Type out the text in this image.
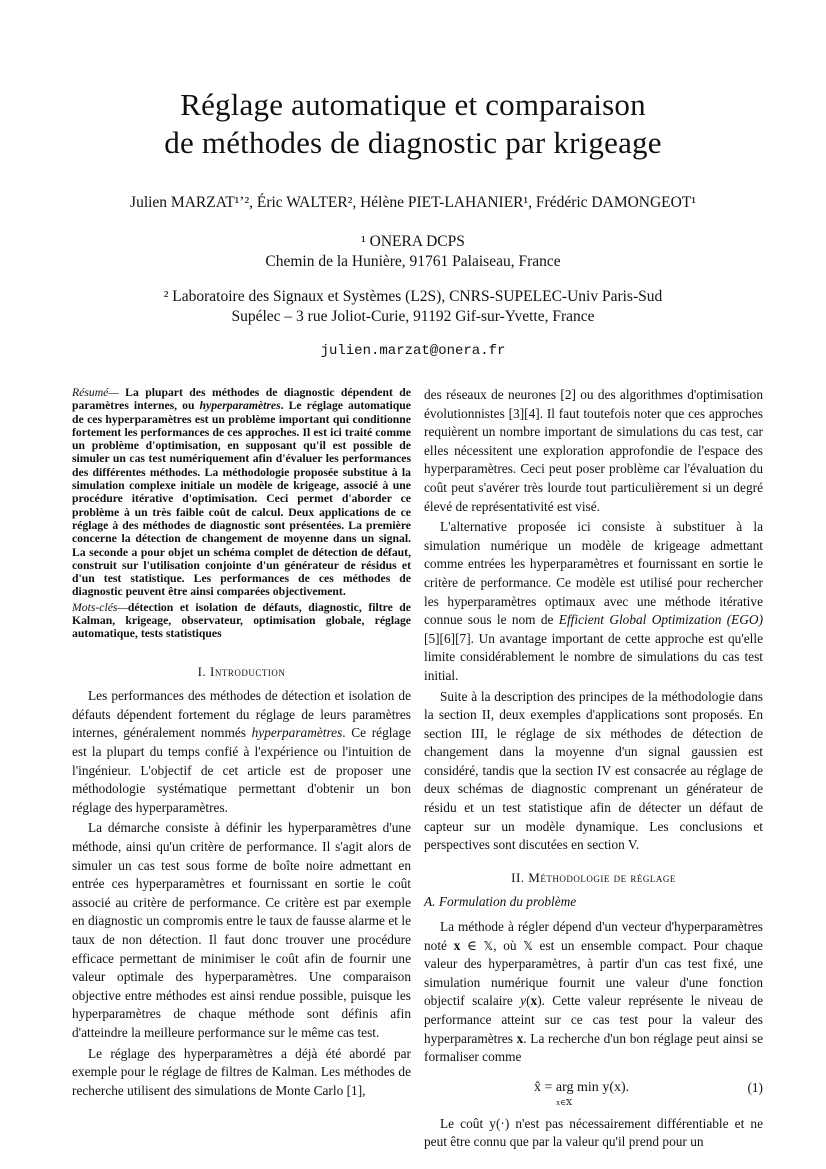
Réglage automatique et comparaison
de méthodes de diagnostic par krigeage
Julien MARZAT¹ʼ², Éric WALTER², Hélène PIET-LAHANIER¹, Frédéric DAMONGEOT¹
¹ ONERA DCPS
Chemin de la Hunière, 91761 Palaiseau, France
² Laboratoire des Signaux et Systèmes (L2S), CNRS-SUPELEC-Univ Paris-Sud
Supélec – 3 rue Joliot-Curie, 91192 Gif-sur-Yvette, France
julien.marzat@onera.fr

Résumé— La plupart des méthodes de diagnostic dépendent de paramètres internes, ou hyperparamètres. Le réglage automatique de ces hyperparamètres est un problème important qui conditionne fortement les performances de ces approches. Il est ici traité comme un problème d'optimisation, en supposant qu'il est possible de simuler un cas test numériquement afin d'évaluer les performances des différentes méthodes. La méthodologie proposée substitue à la simulation complexe initiale un modèle de krigeage, associé à une procédure itérative d'optimisation. Ceci permet d'aborder ce problème à un très faible coût de calcul. Deux applications de ce réglage à des méthodes de diagnostic sont présentées. La première concerne la détection de changement de moyenne dans un signal. La seconde a pour objet un schéma complet de détection de défaut, construit sur l'utilisation conjointe d'un générateur de résidus et d'un test statistique. Les performances de ces méthodes de diagnostic peuvent être ainsi comparées objectivement.

Mots-clés—détection et isolation de défauts, diagnostic, filtre de Kalman, krigeage, observateur, optimisation globale, réglage automatique, tests statistiques

I. Introduction

Les performances des méthodes de détection et isolation de défauts dépendent fortement du réglage de leurs paramètres internes, généralement nommés hyperparamètres. Ce réglage est la plupart du temps confié à l'expérience ou l'intuition de l'ingénieur. L'objectif de cet article est de proposer une méthodologie systématique permettant d'obtenir un bon réglage des hyperparamètres.

La démarche consiste à définir les hyperparamètres d'une méthode, ainsi qu'un critère de performance. Il s'agit alors de simuler un cas test sous forme de boîte noire admettant en entrée ces hyperparamètres et fournissant en sortie le coût associé au critère de performance. Ce critère est par exemple en diagnostic un compromis entre le taux de fausse alarme et le taux de non détection. Il faut donc trouver une procédure efficace permettant de minimiser le coût afin de fournir une valeur optimale des hyperparamètres. Une comparaison objective entre méthodes est ainsi rendue possible, puisque les hyperparamètres de chaque méthode sont définis afin d'atteindre la meilleure performance sur le même cas test.

Le réglage des hyperparamètres a déjà été abordé par exemple pour le réglage de filtres de Kalman. Les méthodes de recherche utilisent des simulations de Monte Carlo [1],

des réseaux de neurones [2] ou des algorithmes d'optimisation évolutionnistes [3][4]. Il faut toutefois noter que ces approches requièrent un nombre important de simulations du cas test, car elles nécessitent une exploration approfondie de l'espace des hyperparamètres. Ceci peut poser problème car l'évaluation du coût peut s'avérer très lourde tout particulièrement si un degré élevé de représentativité est visé.

L'alternative proposée ici consiste à substituer à la simulation numérique un modèle de krigeage admettant comme entrées les hyperparamètres et fournissant en sortie le critère de performance. Ce modèle est utilisé pour rechercher les hyperparamètres optimaux avec une méthode itérative connue sous le nom de Efficient Global Optimization (EGO) [5][6][7]. Un avantage important de cette approche est qu'elle limite considérablement le nombre de simulations du cas test initial.

Suite à la description des principes de la méthodologie dans la section II, deux exemples d'applications sont proposés. En section III, le réglage de six méthodes de détection de changement dans la moyenne d'un signal gaussien est considéré, tandis que la section IV est consacrée au réglage de deux schémas de diagnostic comprenant un générateur de résidu et un test statistique afin de détecter un défaut de capteur sur un modèle dynamique. Les conclusions et perspectives sont discutées en section V.

II. Méthodologie de réglage

A. Formulation du problème

La méthode à régler dépend d'un vecteur d'hyperparamètres noté x ∈ 𝕏, où 𝕏 est un ensemble compact. Pour chaque valeur des hyperparamètres, à partir d'un cas test fixé, une simulation numérique fournit une valeur d'une fonction objectif scalaire y(x). Cette valeur représente le niveau de performance atteint sur ce cas test pour la valeur des hyperparamètres x. La recherche d'un bon réglage peut ainsi se formaliser comme

x̂ = arg min
x∈𝕏
y(x).	(1)

Le coût y(·) n'est pas nécessairement différentiable et ne peut être connu que par la valeur qu'il prend pour un
